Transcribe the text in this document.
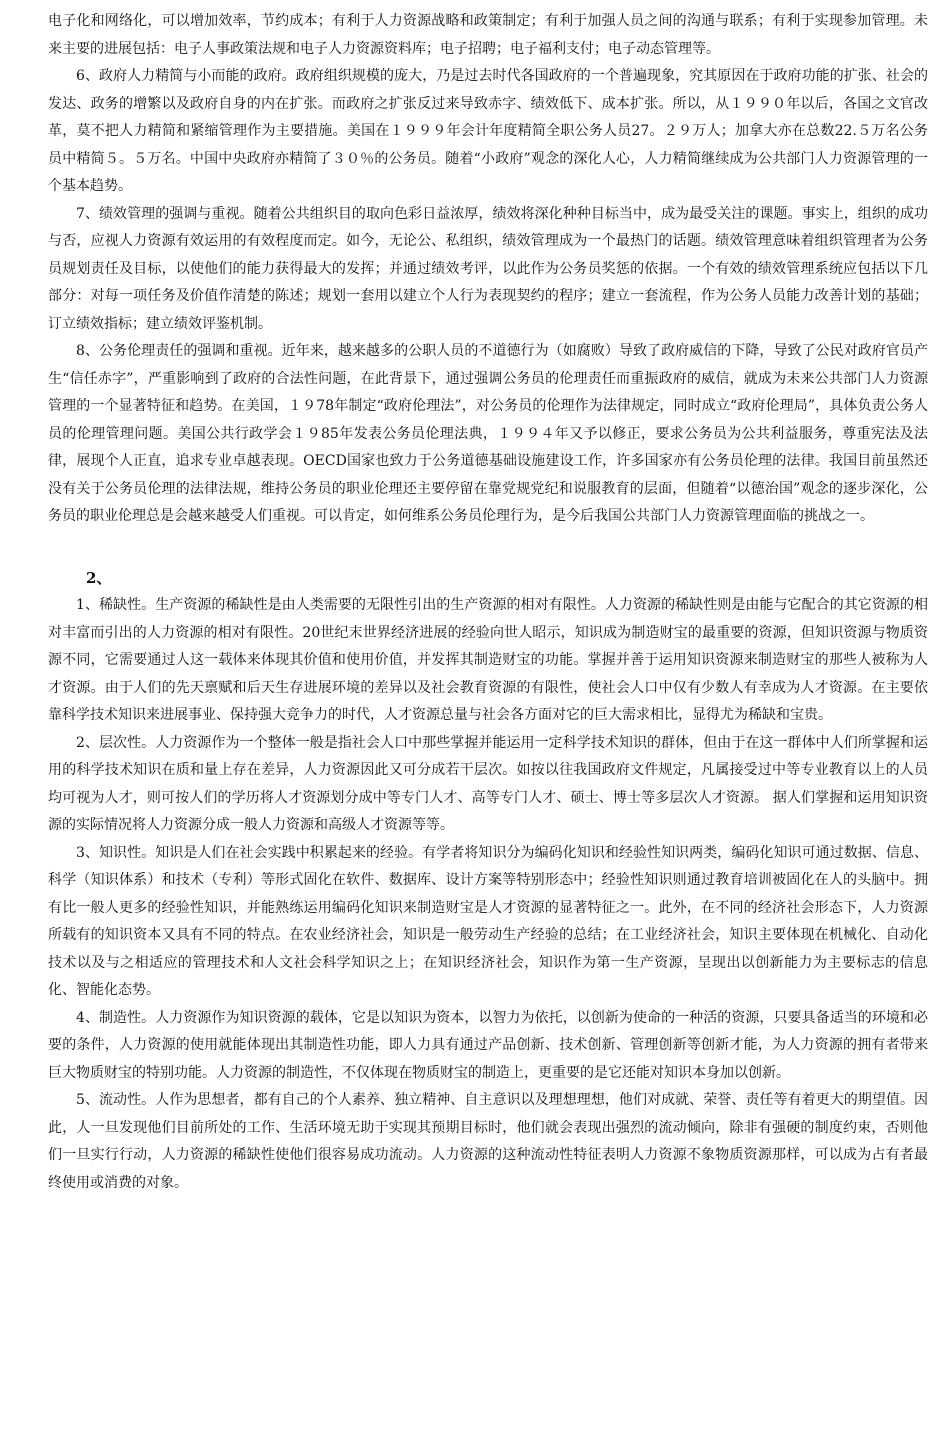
电子化和网络化，可以增加效率，节约成本；有利于人力资源战略和政策制定；有利于加强人员之间的沟通与联系；有利于实现参加管理。未来主要的进展包括：电子人事政策法规和电子人力资源资料库；电子招聘；电子福利支付；电子动态管理等。

6、政府人力精简与小而能的政府。政府组织规模的庞大，乃是过去时代各国政府的一个普遍现象，究其原因在于政府功能的扩张、社会的发达、政务的增繁以及政府自身的内在扩张。而政府之扩张反过来导致赤字、绩效低下、成本扩张。所以，从１９９０年以后，各国之文官改革，莫不把人力精简和紧缩管理作为主要措施。美国在１９９９年会计年度精简全职公务人员27。２９万人；加拿大亦在总数22.５万名公务员中精简５。５万名。中国中央政府亦精简了３０％的公务员。随着“小政府”观念的深化人心，人力精简继续成为公共部门人力资源管理的一个基本趋势。

7、绩效管理的强调与重视。随着公共组织目的取向色彩日益浓厚，绩效将深化种种目标当中，成为最受关注的课题。事实上，组织的成功与否，应视人力资源有效运用的有效程度而定。如今，无论公、私组织，绩效管理成为一个最热门的话题。绩效管理意味着组织管理者为公务员规划责任及目标，以使他们的能力获得最大的发挥；并通过绩效考评，以此作为公务员奖惩的依据。一个有效的绩效管理系统应包括以下几部分：对每一项任务及价值作清楚的陈述；规划一套用以建立个人行为表现契约的程序；建立一套流程，作为公务人员能力改善计划的基础；订立绩效指标；建立绩效评鉴机制。

8、公务伦理责任的强调和重视。近年来，越来越多的公职人员的不道德行为（如腐败）导致了政府威信的下降，导致了公民对政府官员产生“信任赤字”，严重影响到了政府的合法性问题，在此背景下，通过强调公务员的伦理责任而重振政府的威信，就成为未来公共部门人力资源管理的一个显著特征和趋势。在美国，１９78年制定“政府伦理法”，对公务员的伦理作为法律规定，同时成立“政府伦理局”，具体负责公务人员的伦理管理问题。美国公共行政学会１９85年发表公务员伦理法典，１９９４年又予以修正，要求公务员为公共利益服务，尊重宪法及法律，展现个人正直，追求专业卓越表现。OECD国家也致力于公务道德基础设施建设工作，许多国家亦有公务员伦理的法律。我国目前虽然还没有关于公务员伦理的法律法规，维持公务员的职业伦理还主要停留在靠党规党纪和说服教育的层面，但随着“以德治国”观念的逐步深化，公务员的职业伦理总是会越来越受人们重视。可以肯定，如何维系公务员伦理行为，是今后我国公共部门人力资源管理面临的挑战之一。

2、

1、稀缺性。生产资源的稀缺性是由人类需要的无限性引出的生产资源的相对有限性。人力资源的稀缺性则是由能与它配合的其它资源的相对丰富而引出的人力资源的相对有限性。20世纪末世界经济进展的经验向世人昭示，知识成为制造财宝的最重要的资源，但知识资源与物质资源不同，它需要通过人这一载体来体现其价值和使用价值，并发挥其制造财宝的功能。掌握并善于运用知识资源来制造财宝的那些人被称为人才资源。由于人们的先天禀赋和后天生存进展环境的差异以及社会教育资源的有限性，使社会人口中仅有少数人有幸成为人才资源。在主要依靠科学技术知识来进展事业、保持强大竞争力的时代，人才资源总量与社会各方面对它的巨大需求相比，显得尤为稀缺和宝贵。

2、层次性。人力资源作为一个整体一般是指社会人口中那些掌握并能运用一定科学技术知识的群体，但由于在这一群体中人们所掌握和运用的科学技术知识在质和量上存在差异，人力资源因此又可分成若干层次。如按以往我国政府文件规定，凡属接受过中等专业教育以上的人员均可视为人才，则可按人们的学历将人才资源划分成中等专门人才、高等专门人才、硕士、博士等多层次人才资源。 据人们掌握和运用知识资源的实际情况将人力资源分成一般人力资源和高级人才资源等等。

3、知识性。知识是人们在社会实践中积累起来的经验。有学者将知识分为编码化知识和经验性知识两类，编码化知识可通过数据、信息、科学（知识体系）和技术（专利）等形式固化在软件、数据库、设计方案等特别形态中；经验性知识则通过教育培训被固化在人的头脑中。拥有比一般人更多的经验性知识，并能熟练运用编码化知识来制造财宝是人才资源的显著特征之一。此外，在不同的经济社会形态下，人力资源所载有的知识资本又具有不同的特点。在农业经济社会，知识是一般劳动生产经验的总结；在工业经济社会，知识主要体现在机械化、自动化技术以及与之相适应的管理技术和人文社会科学知识之上；在知识经济社会，知识作为第一生产资源，呈现出以创新能力为主要标志的信息化、智能化态势。

4、制造性。人力资源作为知识资源的载体，它是以知识为资本，以智力为依托，以创新为使命的一种活的资源，只要具备适当的环境和必要的条件，人力资源的使用就能体现出其制造性功能，即人力具有通过产品创新、技术创新、管理创新等创新才能，为人力资源的拥有者带来巨大物质财宝的特别功能。人力资源的制造性，不仅体现在物质财宝的制造上，更重要的是它还能对知识本身加以创新。

5、流动性。人作为思想者，都有自己的个人素养、独立精神、自主意识以及理想理想，他们对成就、荣誉、责任等有着更大的期望值。因此，人一旦发现他们目前所处的工作、生活环境无助于实现其预期目标时，他们就会表现出强烈的流动倾向，除非有强硬的制度约束，否则他们一旦实行行动，人力资源的稀缺性使他们很容易成功流动。人力资源的这种流动性特征表明人力资源不象物质资源那样，可以成为占有者最终使用或消费的对象。
